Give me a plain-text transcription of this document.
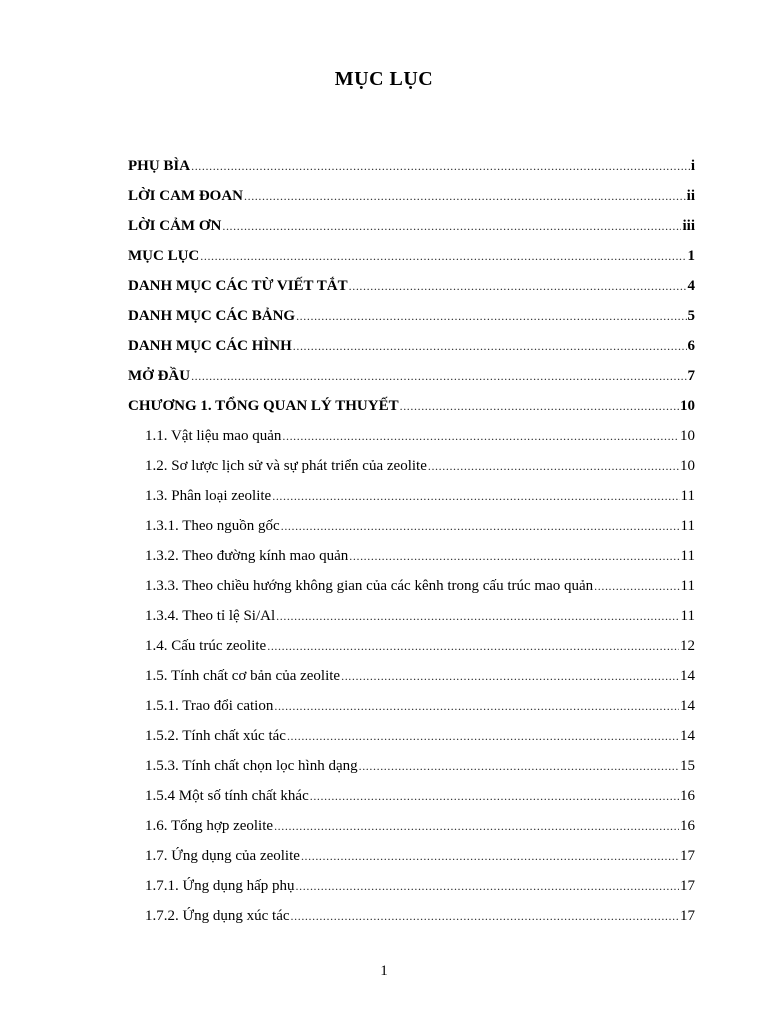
MỤC LỤC
PHỤ BÌA .....	i
LỜI CAM ĐOAN .....	ii
LỜI CẢM ƠN .....	iii
MỤC LỤC .....	1
DANH MỤC CÁC TỪ VIẾT TẮT .....	4
DANH MỤC CÁC BẢNG .....	5
DANH MỤC CÁC HÌNH .....	6
MỞ ĐẦU .....	7
CHƯƠNG 1. TỔNG QUAN LÝ THUYẾT .....	10
1.1. Vật liệu mao quản .....	10
1.2. Sơ lược lịch sử và sự phát triển của zeolite .....	10
1.3. Phân loại zeolite .....	11
1.3.1. Theo nguồn gốc .....	11
1.3.2. Theo đường kính mao quản .....	11
1.3.3. Theo chiều hướng không gian của các kênh trong cấu trúc mao quản .....	11
1.3.4. Theo tỉ lệ Si/Al .....	11
1.4. Cấu trúc zeolite .....	12
1.5. Tính chất cơ bản của zeolite .....	14
1.5.1. Trao đổi cation .....	14
1.5.2. Tính chất xúc tác .....	14
1.5.3. Tính chất chọn lọc hình dạng .....	15
1.5.4 Một số tính chất khác .....	16
1.6. Tổng hợp zeolite .....	16
1.7. Ứng dụng của zeolite .....	17
1.7.1. Ứng dụng hấp phụ .....	17
1.7.2. Ứng dụng xúc tác .....	17
1
